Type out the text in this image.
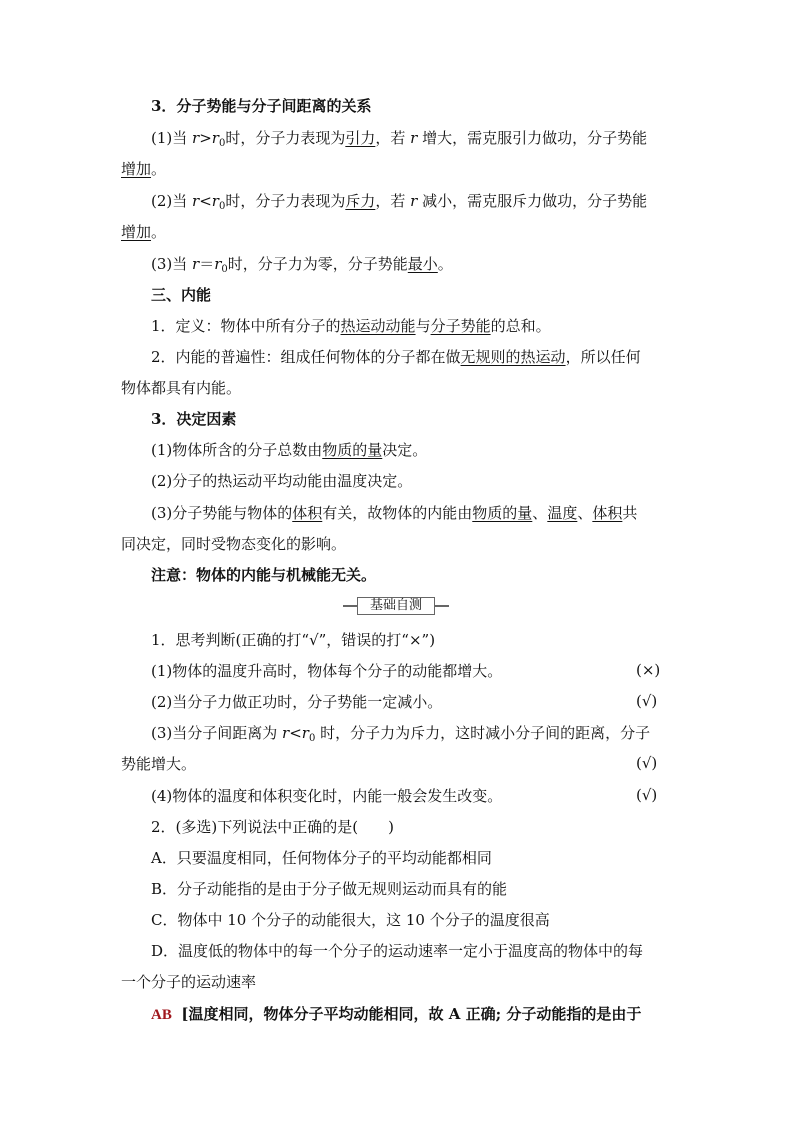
3．分子势能与分子间距离的关系
(1)当 $r>r_0$时，分子力表现为引力，若 r 增大，需克服引力做功，分子势能
增加。
(2)当 $r<r_0$时，分子力表现为斥力，若 r 减小，需克服斥力做功，分子势能
增加。
(3)当 $r=r_0$时，分子力为零，分子势能最小。
三、内能
1．定义：物体中所有分子的热运动动能与分子势能的总和。
2．内能的普遍性：组成任何物体的分子都在做无规则的热运动，所以任何
物体都具有内能。
3．决定因素
(1)物体所含的分子总数由物质的量决定。
(2)分子的热运动平均动能由温度决定。
(3)分子势能与物体的体积有关，故物体的内能由物质的量、温度、体积共
同决定，同时受物态变化的影响。
注意：物体的内能与机械能无关。
基础自测
1．思考判断(正确的打“√”，错误的打“×”)
(1)物体的温度升高时，物体每个分子的动能都增大。	(×)
(2)当分子力做正功时，分子势能一定减小。	(√)
(3)当分子间距离为 $r<r_0$ 时，分子力为斥力，这时减小分子间的距离，分子
势能增大。	(√)
(4)物体的温度和体积变化时，内能一般会发生改变。	(√)
2．(多选)下列说法中正确的是(　　)
A．只要温度相同，任何物体分子的平均动能都相同
B．分子动能指的是由于分子做无规则运动而具有的能
C．物体中 10 个分子的动能很大，这 10 个分子的温度很高
D．温度低的物体中的每一个分子的运动速率一定小于温度高的物体中的每
一个分子的运动速率
AB [温度相同，物体分子平均动能相同，故 A 正确; 分子动能指的是由于
